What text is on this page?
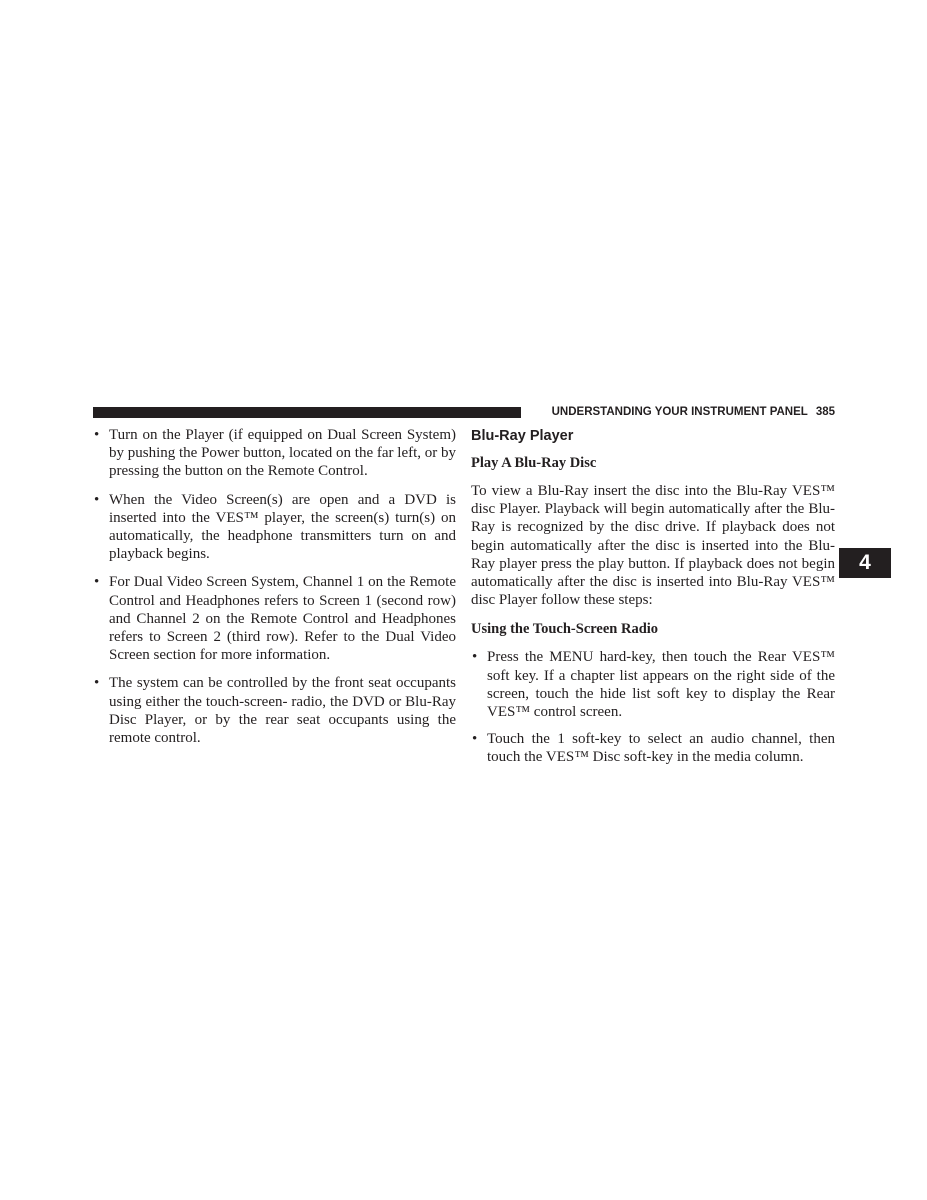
UNDERSTANDING YOUR INSTRUMENT PANEL 385
4
• Turn on the Player (if equipped on Dual Screen System) by pushing the Power button, located on the far left, or by pressing the button on the Remote Control.
• When the Video Screen(s) are open and a DVD is inserted into the VES™ player, the screen(s) turn(s) on automatically, the headphone transmitters turn on and playback begins.
• For Dual Video Screen System, Channel 1 on the Remote Control and Headphones refers to Screen 1 (second row) and Channel 2 on the Remote Control and Headphones refers to Screen 2 (third row). Refer to the Dual Video Screen section for more information.
• The system can be controlled by the front seat occupants using either the touch-screen- radio, the DVD or Blu-Ray Disc Player, or by the rear seat occupants using the remote control.
Blu-Ray Player
Play A Blu-Ray Disc

To view a Blu-Ray insert the disc into the Blu-Ray VES™ disc Player. Playback will begin automatically after the Blu-Ray is recognized by the disc drive. If playback does not begin automatically after the disc is inserted into the Blu-Ray player press the play button. If playback does not begin automatically after the disc is inserted into Blu-Ray VES™ disc Player follow these steps:

Using the Touch-Screen Radio
• Press the MENU hard-key, then touch the Rear VES™ soft key. If a chapter list appears on the right side of the screen, touch the hide list soft key to display the Rear VES™ control screen.
• Touch the 1 soft-key to select an audio channel, then touch the VES™ Disc soft-key in the media column.
